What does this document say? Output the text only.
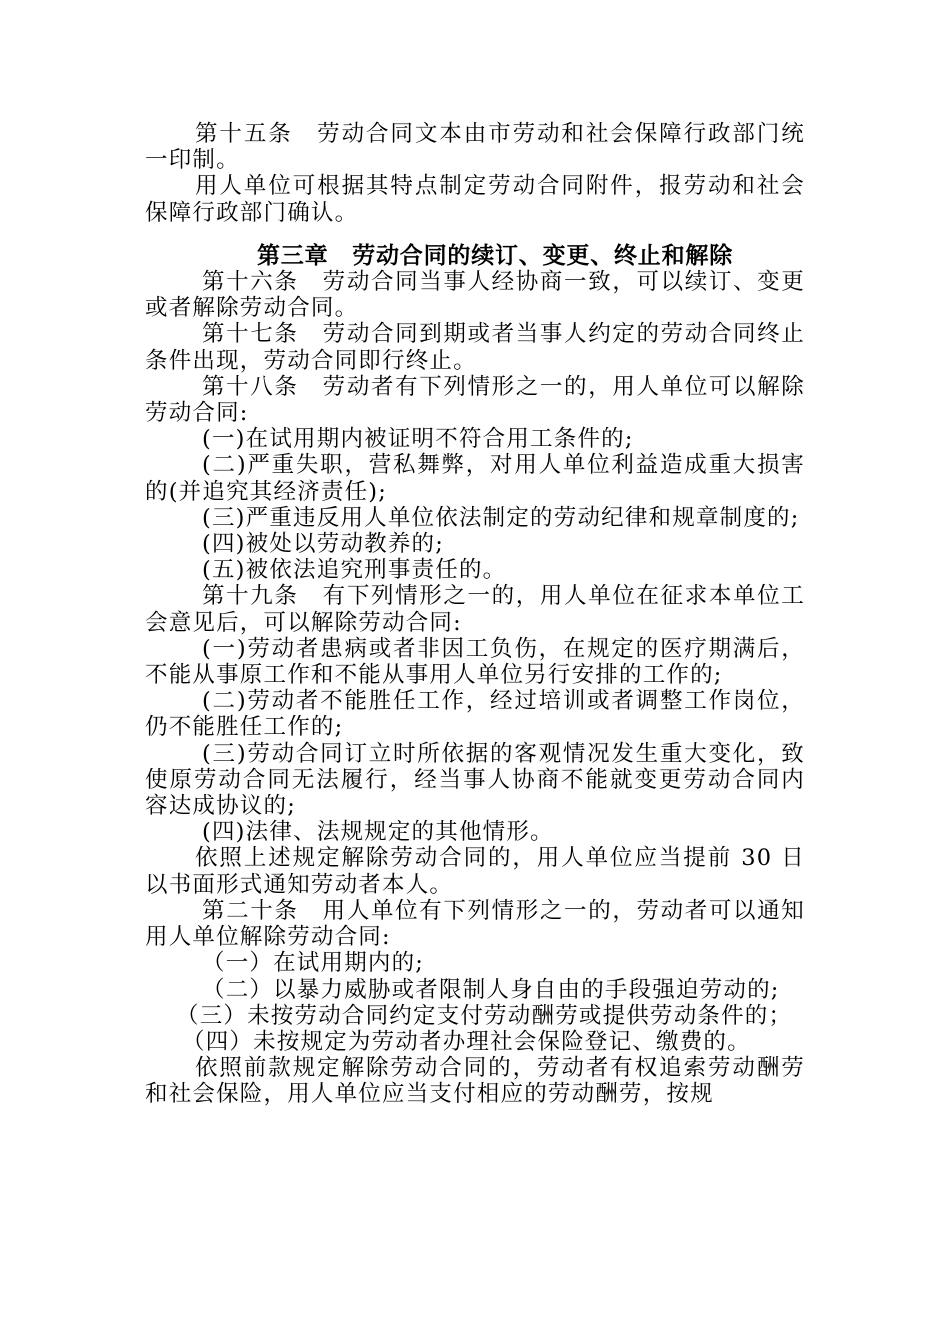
第十五条　劳动合同文本由市劳动和社会保障行政部门统一印制。

用人单位可根据其特点制定劳动合同附件，报劳动和社会保障行政部门确认。

第三章　劳动合同的续订、变更、终止和解除

第十六条　劳动合同当事人经协商一致，可以续订、变更或者解除劳动合同。

第十七条　劳动合同到期或者当事人约定的劳动合同终止条件出现，劳动合同即行终止。

第十八条　劳动者有下列情形之一的，用人单位可以解除劳动合同:

(一)在试用期内被证明不符合用工条件的;

(二)严重失职，营私舞弊，对用人单位利益造成重大损害的(并追究其经济责任);

(三)严重违反用人单位依法制定的劳动纪律和规章制度的;

(四)被处以劳动教养的;

(五)被依法追究刑事责任的。

第十九条　有下列情形之一的，用人单位在征求本单位工会意见后，可以解除劳动合同:

(一)劳动者患病或者非因工负伤，在规定的医疗期满后，不能从事原工作和不能从事用人单位另行安排的工作的;

(二)劳动者不能胜任工作，经过培训或者调整工作岗位，仍不能胜任工作的;

(三)劳动合同订立时所依据的客观情况发生重大变化，致使原劳动合同无法履行，经当事人协商不能就变更劳动合同内容达成协议的;

(四)法律、法规规定的其他情形。

依照上述规定解除劳动合同的，用人单位应当提前 30 日以书面形式通知劳动者本人。

第二十条　用人单位有下列情形之一的，劳动者可以通知用人单位解除劳动合同:

（一）在试用期内的;

（二）以暴力威胁或者限制人身自由的手段强迫劳动的;

（三）未按劳动合同约定支付劳动酬劳或提供劳动条件的；（四）未按规定为劳动者办理社会保险登记、缴费的。

依照前款规定解除劳动合同的，劳动者有权追索劳动酬劳和社会保险，用人单位应当支付相应的劳动酬劳，按规
